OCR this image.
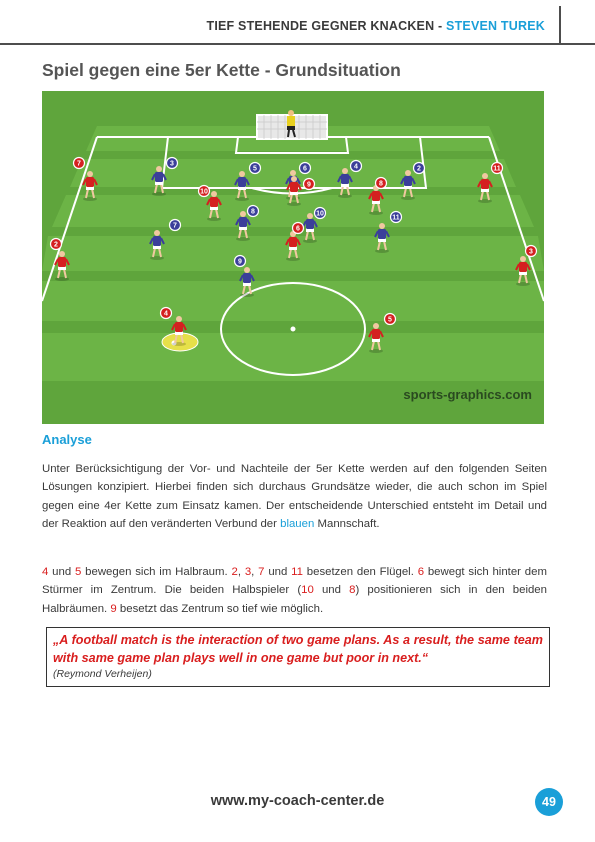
TIEF STEHENDE GEGNER KNACKEN - STEVEN TUREK
Spiel gegen eine 5er Kette - Grundsituation
3
5	6	4	2
8	10
7
11
9
7
10
9	8
11
6
2
3
4
5
sports-graphics.com
Analyse

Unter Berücksichtigung der Vor- und Nachteile der 5er Kette werden auf den folgenden Seiten Lösungen konzipiert. Hierbei finden sich durchaus Grundsätze wieder, die auch schon im Spiel gegen eine 4er Kette zum Einsatz kamen. Der entscheidende Unterschied entsteht im Detail und der Reaktion auf den veränderten Verbund der blauen Mannschaft.

4 und 5 bewegen sich im Halbraum. 2, 3, 7 und 11 besetzen den Flügel. 6 bewegt sich hinter dem Stürmer im Zentrum. Die beiden Halbspieler (10 und 8) positionieren sich in den beiden Halbräumen. 9 besetzt das Zentrum so tief wie möglich.

„A football match is the interaction of two game plans. As a result, the same team with same game plan plays well in one game but poor in next.“

(Reymond Verheijen)

www.my-coach-center.de	49
